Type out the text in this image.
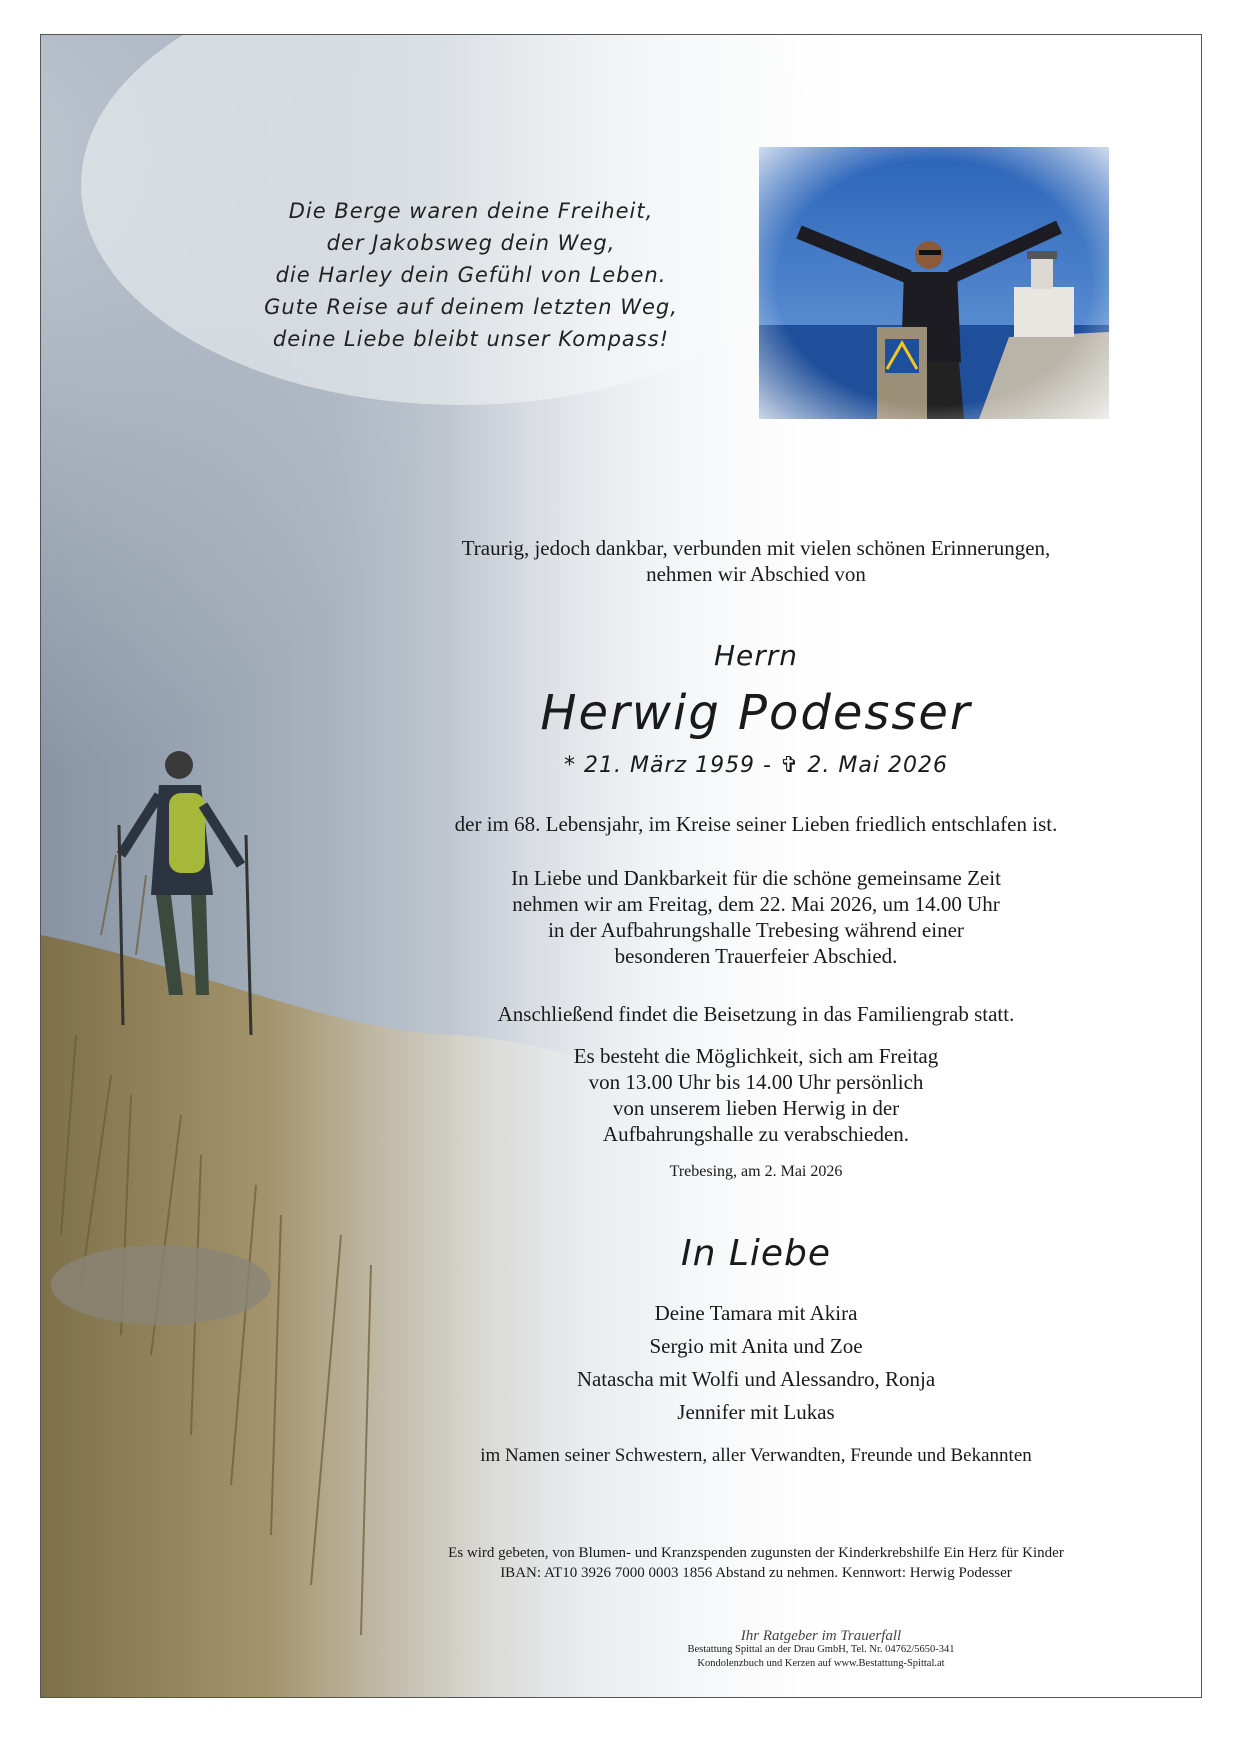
Die Berge waren deine Freiheit,
der Jakobsweg dein Weg,
die Harley dein Gefühl von Leben.
Gute Reise auf deinem letzten Weg,
deine Liebe bleibt unser Kompass!
Traurig, jedoch dankbar, verbunden mit vielen schönen Erinnerungen,
nehmen wir Abschied von
Herrn
Herwig Podesser
* 21. März 1959 - ✞ 2. Mai 2026
der im 68. Lebensjahr, im Kreise seiner Lieben friedlich entschlafen ist.
In Liebe und Dankbarkeit für die schöne gemeinsame Zeit
nehmen wir am Freitag, dem 22. Mai 2026, um 14.00 Uhr
in der Aufbahrungshalle Trebesing während einer
besonderen Trauerfeier Abschied.
Anschließend findet die Beisetzung in das Familiengrab statt.
Es besteht die Möglichkeit, sich am Freitag
von 13.00 Uhr bis 14.00 Uhr persönlich
von unserem lieben Herwig in der
Aufbahrungshalle zu verabschieden.
Trebesing, am 2. Mai 2026
In Liebe
Deine Tamara mit Akira
Sergio mit Anita und Zoe
Natascha mit Wolfi und Alessandro, Ronja
Jennifer mit Lukas
im Namen seiner Schwestern, aller Verwandten, Freunde und Bekannten
Es wird gebeten, von Blumen- und Kranzspenden zugunsten der Kinderkrebshilfe Ein Herz für Kinder
IBAN: AT10 3926 7000 0003 1856 Abstand zu nehmen. Kennwort: Herwig Podesser
Ihr Ratgeber im Trauerfall
Bestattung Spittal an der Drau GmbH, Tel. Nr. 04762/5650-341
Kondolenzbuch und Kerzen auf www.Bestattung-Spittal.at
